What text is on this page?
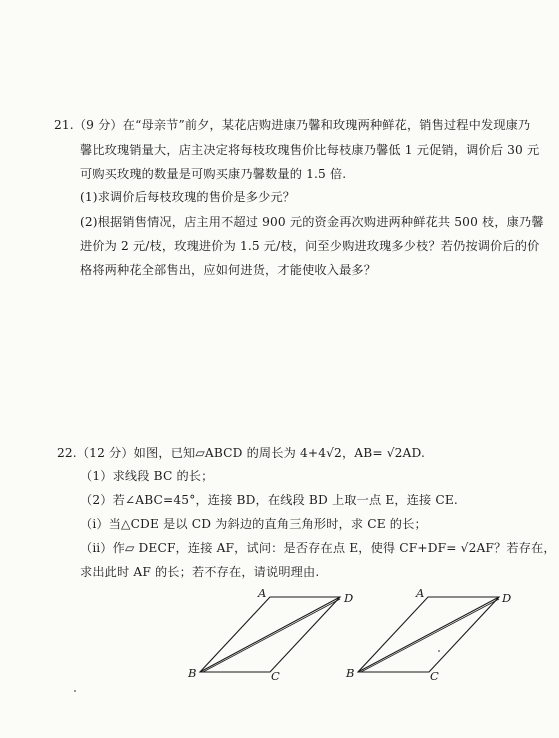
21.（9 分）在“母亲节”前夕，某花店购进康乃馨和玫瑰两种鲜花，销售过程中发现康乃
馨比玫瑰销量大，店主决定将每枝玫瑰售价比每枝康乃馨低 1 元促销，调价后 30 元
可购买玫瑰的数量是可购买康乃馨数量的 1.5 倍.
(1)求调价后每枝玫瑰的售价是多少元？
(2)根据销售情况，店主用不超过 900 元的资金再次购进两种鲜花共 500 枝，康乃馨
进价为 2 元/枝，玫瑰进价为 1.5 元/枝，问至少购进玫瑰多少枝？若仍按调价后的价
格将两种花全部售出，应如何进货，才能使收入最多？
22.（12 分）如图，已知▱ABCD 的周长为 4+4√2，AB= √2AD.
（1）求线段 BC 的长；
（2）若∠ABC=45°，连接 BD，在线段 BD 上取一点 E，连接 CE.
（ⅰ）当△CDE 是以 CD 为斜边的直角三角形时，求 CE 的长；
（ⅱ）作▱ DECF，连接 AF，试问：是否存在点 E，使得 CF+DF= √2AF？若存在，
求出此时 AF 的长；若不存在，请说明理由.
A	D
B	C
A	D
B	C
